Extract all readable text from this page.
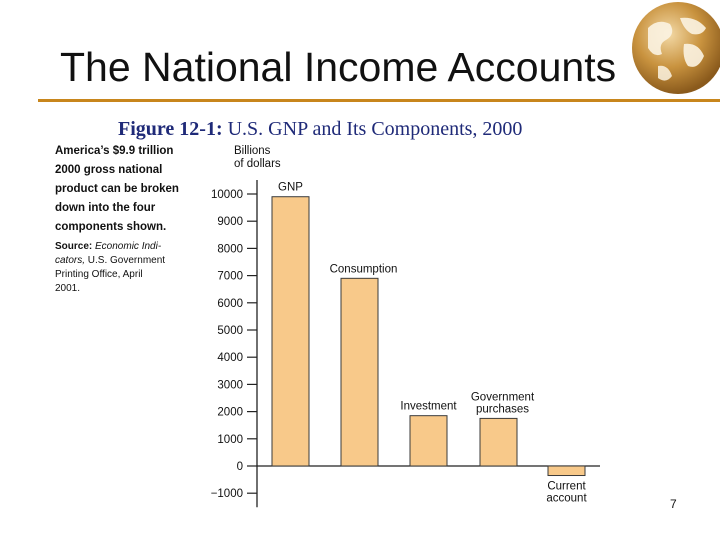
The National Income Accounts
Figure 12-1: U.S. GNP and Its Components, 2000
America’s $9.9 trillion
2000 gross national
product can be broken
down into the four
components shown.
Source: Economic Indi-
cators, U.S. Government
Printing Office, April
2001.
Billions
of dollars
−1000
0
1000
2000
3000
4000
5000
6000
7000
8000
9000
10000
GNP
Consumption
Investment
Government
purchases
Current
account	7
